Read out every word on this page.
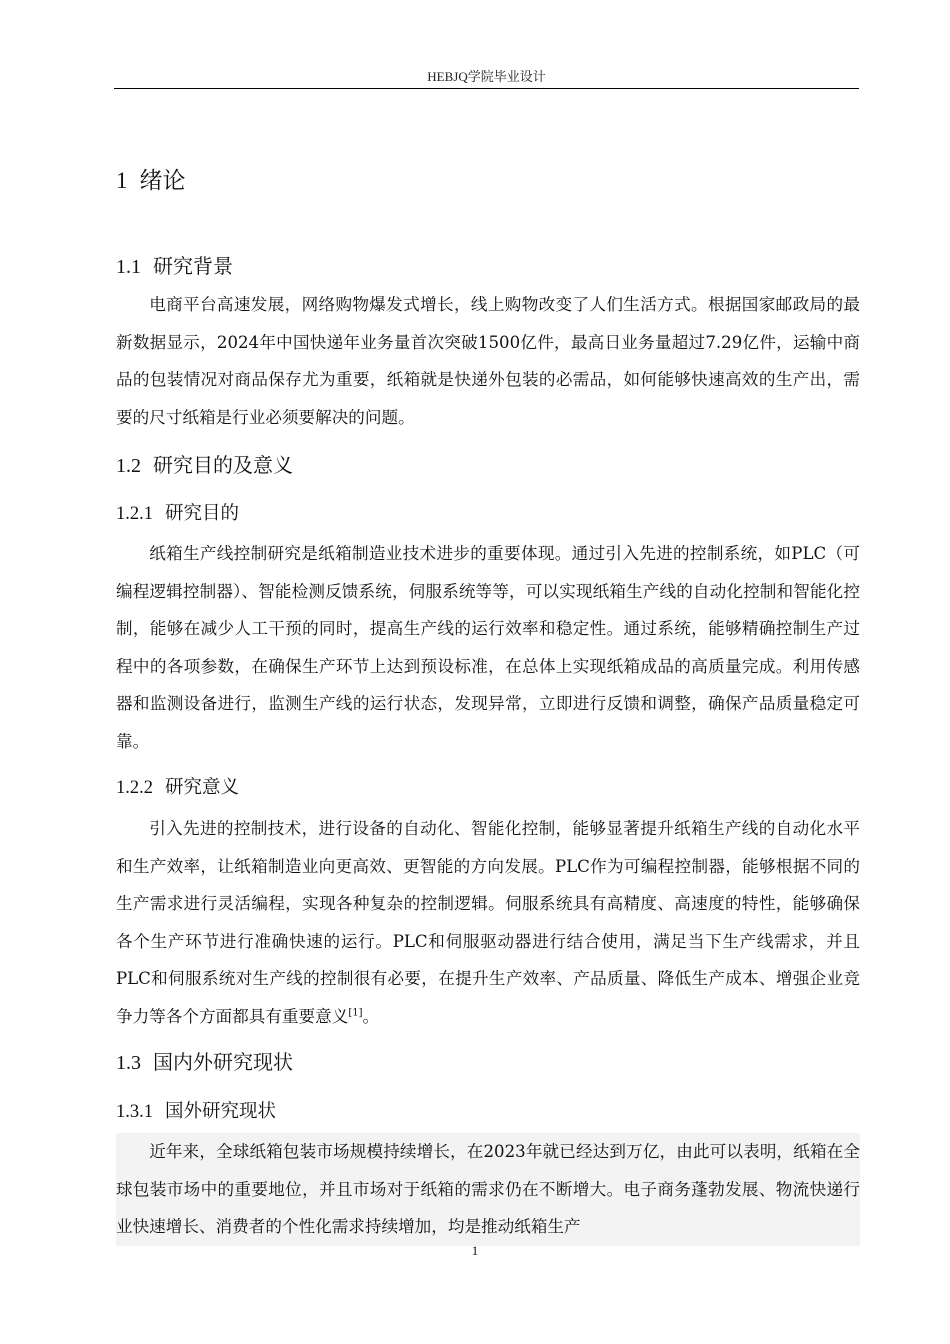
HEBJQ学院毕业设计
1 绪论
1.1 研究背景
电商平台高速发展，网络购物爆发式增长，线上购物改变了人们生活方式。根据国家邮政局的最新数据显示，2024年中国快递年业务量首次突破1500亿件，最高日业务量超过7.29亿件，运输中商品的包装情况对商品保存尤为重要，纸箱就是快递外包装的必需品，如何能够快速高效的生产出，需要的尺寸纸箱是行业必须要解决的问题。
1.2 研究目的及意义
1.2.1 研究目的
纸箱生产线控制研究是纸箱制造业技术进步的重要体现。通过引入先进的控制系统，如PLC（可编程逻辑控制器）、智能检测反馈系统，伺服系统等等，可以实现纸箱生产线的自动化控制和智能化控制，能够在减少人工干预的同时，提高生产线的运行效率和稳定性。通过系统，能够精确控制生产过程中的各项参数，在确保生产环节上达到预设标准，在总体上实现纸箱成品的高质量完成。利用传感器和监测设备进行，监测生产线的运行状态，发现异常，立即进行反馈和调整，确保产品质量稳定可靠。
1.2.2 研究意义
引入先进的控制技术，进行设备的自动化、智能化控制，能够显著提升纸箱生产线的自动化水平和生产效率，让纸箱制造业向更高效、更智能的方向发展。PLC作为可编程控制器，能够根据不同的生产需求进行灵活编程，实现各种复杂的控制逻辑。伺服系统具有高精度、高速度的特性，能够确保各个生产环节进行准确快速的运行。PLC和伺服驱动器进行结合使用，满足当下生产线需求，并且PLC和伺服系统对生产线的控制很有必要，在提升生产效率、产品质量、降低生产成本、增强企业竞争力等各个方面都具有重要意义[1]。
1.3 国内外研究现状
1.3.1 国外研究现状
近年来，全球纸箱包装市场规模持续增长，在2023年就已经达到万亿，由此可以表明，纸箱在全球包装市场中的重要地位，并且市场对于纸箱的需求仍在不断增大。电子商务蓬勃发展、物流快递行业快速增长、消费者的个性化需求持续增加，均是推动纸箱生产
1
